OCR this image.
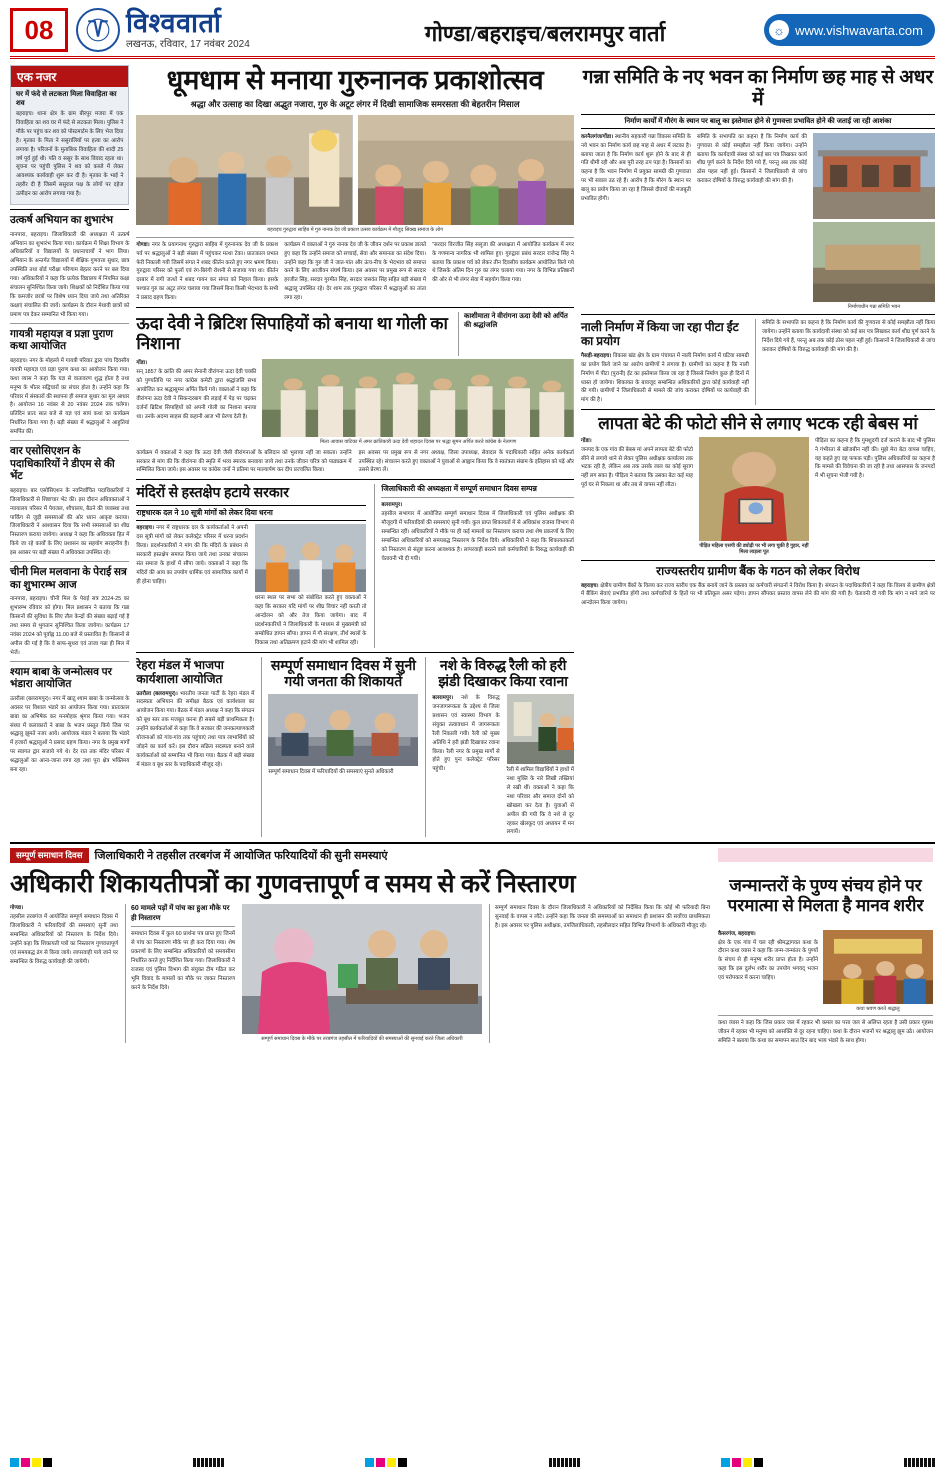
08	विश्ववार्ता
लखनऊ, रविवार, 17 नवंबर 2024	गोण्डा/बहराइच/बलरामपुर वार्ता	☼ www.vishwavarta.com
एक नजर
घर में फंदे से लटकता मिला विवाहिता का शव
बहराइच। थाना क्षेत्र के ग्राम बीरपुर मजरा में एक विवाहिता का शव घर में फंदे से लटकता मिला। पुलिस ने मौके पर पहुंच कर शव को पोस्टमार्टम के लिए भेज दिया है। मृतका के पिता ने ससुरालियों पर हत्या का आरोप लगाया है। परिजनों के मुताबिक विवाहिता की शादी 25 वर्ष पूर्व हुई थी। पति व ससुर के साथ विवाद रहता था। सूचना पर पहुंची पुलिस ने शव को कब्जे में लेकर आवश्यक कार्यवाही शुरू कर दी है। मृतका के भाई ने तहरीर दी है जिसमें ससुराल पक्ष के लोगों पर दहेज उत्पीड़न का आरोप लगाया गया है।
उत्कर्ष अभियान का शुभारंभ
नानपारा, बहराइच। जिलाधिकारी की अध्यक्षता में उत्कर्ष अभियान का शुभारंभ किया गया। कार्यक्रम में शिक्षा विभाग के अधिकारियों व विद्यालयों के प्रधानाचार्यों ने भाग लिया। अभियान के अन्तर्गत विद्यालयों में शैक्षिक गुणवत्ता सुधार, छात्र उपस्थिति तथा बोर्ड परीक्षा परिणाम बेहतर करने पर बल दिया गया। अधिकारियों ने कहा कि प्रत्येक विद्यालय में नियमित कक्षा संचालन सुनिश्चित किया जाये। शिक्षकों को निर्देशित किया गया कि कमजोर छात्रों पर विशेष ध्यान दिया जाये तथा अतिरिक्त कक्षाएं संचालित की जायें। कार्यक्रम के दौरान मेधावी छात्रों को प्रमाण पत्र देकर सम्मानित भी किया गया।
गायत्री महायज्ञ व प्रज्ञा पुराण कथा आयोजित
बहराइच। नगर के मोहल्ले में गायत्री परिवार द्वारा पांच दिवसीय गायत्री महायज्ञ एवं प्रज्ञा पुराण कथा का आयोजन किया गया। कथा व्यास ने कहा कि यज्ञ से वातावरण शुद्ध होता है तथा मनुष्य के भीतर सद्विचारों का संचार होता है। उन्होंने कहा कि परिवार में संस्कारों की स्थापना ही समाज सुधार का मूल आधार है। आयोजन 16 नवंबर से 20 नवंबर 2024 तक चलेगा। प्रतिदिन प्रातः सात बजे से यज्ञ एवं सायं कथा का कार्यक्रम निर्धारित किया गया है। बड़ी संख्या में श्रद्धालुओं ने आहुतियां समर्पित कीं।
वार एसोसिएशन के पदाधिकारियों ने डीएम से की भेंट
बहराइच। बार एसोसिएशन के नवनिर्वाचित पदाधिकारियों ने जिलाधिकारी से शिष्टाचार भेंट की। इस दौरान अधिवक्ताओं ने न्यायालय परिसर में पेयजल, शौचालय, बैठने की व्यवस्था तथा पार्किंग से जुड़ी समस्याओं की ओर ध्यान आकृष्ट कराया। जिलाधिकारी ने आश्वासन दिया कि सभी समस्याओं का शीघ्र निस्तारण कराया जायेगा। अध्यक्ष ने कहा कि अधिवक्ता हित में किये जा रहे कार्यों के लिए प्रशासन का सहयोग सराहनीय है। इस अवसर पर बड़ी संख्या में अधिवक्ता उपस्थित रहे।
चीनी मिल मलवाना के पेराई सत्र का शुभारम्भ आज
नानपारा, बहराइच। चीनी मिल के पेराई सत्र 2024-25 का शुभारम्भ रविवार को होगा। मिल प्रशासन ने बताया कि गन्ना किसानों की सुविधा के लिए तौल केन्द्रों की संख्या बढ़ाई गई है तथा समय से भुगतान सुनिश्चित किया जायेगा। कार्यक्रम 17 नवंबर 2024 को पूर्वाह्न 11.00 बजे से प्रस्तावित है। किसानों से अपील की गई है कि वे साफ-सुथरा एवं ताजा गन्ना ही मिल में भेजें।
श्याम बाबा के जन्मोत्सव पर भंडारा आयोजित
उतरौला (बलरामपुर)। नगर में खाटू श्याम बाबा के जन्मोत्सव के अवसर पर विशाल भंडारे का आयोजन किया गया। प्रातःकाल बाबा का अभिषेक कर मनमोहक श्रृंगार किया गया। भजन संध्या में कलाकारों ने बाबा के भजन प्रस्तुत किये जिस पर श्रद्धालु झूमते नजर आये। आयोजक मंडल ने बताया कि भंडारे में हजारों श्रद्धालुओं ने प्रसाद ग्रहण किया। नगर के प्रमुख मार्गों पर स्वागत द्वार सजाये गये थे। देर रात तक मंदिर परिसर में श्रद्धालुओं का आना-जाना लगा रहा तथा पूरा क्षेत्र भक्तिमय बना रहा।
धूमधाम से मनाया गुरुनानक प्रकाशोत्सव
श्रद्धा और उत्साह का दिखा अद्भुत नजारा, गुरु के अटूट लंगर में दिखी सामाजिक समरसता की बेहतरीन मिसाल
बहराइच गुरुद्वारा साहिब में गुरु नानक देव जी प्रकाश उत्सव कार्यक्रम में मौजूद सिक्ख समाज के लोग
गोण्डा। नगर के प्रयागनाथ गुरुद्वारा साहिब में गुरुनानक देव जी के प्रकाश पर्व पर श्रद्धालुओं ने बड़ी संख्या में पहुंचकर मत्था टेका। प्रातःकाल प्रभात फेरी निकाली गयी जिसमें संगत ने शबद कीर्तन करते हुए नगर भ्रमण किया। गुरुद्वारा परिसर को फूलों एवं रंग-बिरंगी रोशनी से सजाया गया था। कीर्तन दरबार में रागी जत्थों ने शबद गायन कर संगत को निहाल किया। इसके पश्चात गुरु का अटूट लंगर चलाया गया जिसमें बिना किसी भेदभाव के सभी ने प्रसाद ग्रहण किया।
कार्यक्रम में वक्ताओं ने गुरु नानक देव जी के जीवन दर्शन पर प्रकाश डालते हुए कहा कि उन्होंने समाज को सच्चाई, सेवा और समानता का संदेश दिया। उन्होंने कहा कि गुरु जी ने जात-पांत और ऊंच-नीच के भेदभाव को समाप्त करने के लिए आजीवन संघर्ष किया। इस अवसर पर प्रमुख रूप से सरदार हरजीत सिंह, सरदार गुरमीत सिंह, सरदार जसवंत सिंह सहित बड़ी संख्या में श्रद्धालु उपस्थित रहे। देर शाम तक गुरुद्वारा परिसर में श्रद्धालुओं का तांता लगा रहा।
"सरदार विरजीत सिंह सलूजा की अध्यक्षता में आयोजित कार्यक्रम में नगर के गणमान्य नागरिक भी शामिल हुए। गुरुद्वारा प्रबंध सरदार राजेन्द्र सिंह ने बताया कि प्रकाश पर्व को लेकर तीन दिवसीय कार्यक्रम आयोजित किये गये थे जिसके अंतिम दिन गुरु का लंगर चलाया गया। नगर के विभिन्न प्रतिष्ठानों की ओर से भी लंगर सेवा में सहयोग किया गया।
ऊदा देवी ने ब्रिटिश सिपाहियों को बनाया था गोली का निशाना
काशीमाता ने वीरांगना ऊदा देवी को अर्पित की श्रद्धांजलि
गोंडा।
सन् 1857 के क्रांति की अमर सेनानी वीरांगना ऊदा देवी चक्की को पुण्यतिथि पर नगर कांग्रेस कमेटी द्वारा श्रद्धांजलि सभा आयोजित कर श्रद्धासुमन अर्पित किये गये। वक्ताओं ने कहा कि वीरांगना ऊदा देवी ने सिकन्दरबाग की लड़ाई में पेड़ पर चढ़कर दर्जनों ब्रिटिश सिपाहियों को अपनी गोली का निशाना बनाया था। उनके अदम्य साहस की कहानी आज भी प्रेरणा देती है।
मिला आवास वाटिका में अमर क्रांतिकारी ऊदा देवी शहादत दिवस पर श्रद्धा सुमन अर्पित करते कांग्रेस के नेतागण
कार्यक्रम में वक्ताओं ने कहा कि ऊदा देवी जैसी वीरांगनाओं के बलिदान को भुलाया नहीं जा सकता। उन्होंने सरकार से मांग की कि वीरांगना की स्मृति में भव्य स्मारक बनवाया जाये तथा उनके जीवन चरित्र को पाठ्यक्रम में सम्मिलित किया जाये। इस अवसर पर कांग्रेस जनों ने प्रतिमा पर माल्यार्पण कर दीप प्रज्वलित किया।
इस अवसर पर प्रमुख रूप से नगर अध्यक्ष, जिला उपाध्यक्ष, सेवादल के पदाधिकारी सहित अनेक कार्यकर्ता उपस्थित रहे। संचालन करते हुए वक्ताओं ने युवाओं से आह्वान किया कि वे स्वतंत्रता संग्राम के इतिहास को पढ़ें और उससे प्रेरणा लें।
मंदिरों से हस्तक्षेप हटाये सरकार
राष्ट्रधारक दल ने 10 सूत्री मांगों को लेकर दिया धरना
बहराइच। नगर में राष्ट्रधारक दल के कार्यकर्ताओं ने अपनी दस सूत्री मांगों को लेकर कलेक्ट्रेट परिसर में धरना प्रदर्शन किया। प्रदर्शनकारियों ने मांग की कि मंदिरों के प्रबंधन से सरकारी हस्तक्षेप समाप्त किया जाये तथा उनका संचालन संत समाज के हाथों में सौंपा जाये। वक्ताओं ने कहा कि मंदिरों की आय का उपयोग धार्मिक एवं सामाजिक कार्यों में ही होना चाहिए।
धरना स्थल पर सभा को संबोधित करते हुए वक्ताओं ने कहा कि सरकार यदि मांगों पर शीघ्र विचार नहीं करती तो आन्दोलन को और तेज किया जायेगा। बाद में प्रदर्शनकारियों ने जिलाधिकारी के माध्यम से मुख्यमंत्री को सम्बोधित ज्ञापन सौंपा। ज्ञापन में गौ संरक्षण, तीर्थ स्थलों के विकास तथा अतिक्रमण हटाने की मांग भी शामिल रही।
जिलाधिकारी की अध्यक्षता में सम्पूर्ण समाधान दिवस सम्पन्न
बलरामपुर।
तहसील सभागार में आयोजित सम्पूर्ण समाधान दिवस में जिलाधिकारी एवं पुलिस अधीक्षक की मौजूदगी में फरियादियों की समस्याएं सुनी गयीं। कुल प्राप्त शिकायतों में से अधिकांश राजस्व विभाग से सम्बन्धित रहीं। अधिकारियों ने मौके पर ही कई मामलों का निस्तारण कराया तथा शेष प्रकरणों के लिए सम्बन्धित अधिकारियों को समयबद्ध निस्तारण के निर्देश दिये। अधिकारियों ने कहा कि शिकायतकर्ता को निस्तारण से संतुष्ट करना आवश्यक है। लापरवाही बरतने वाले कर्मचारियों के विरुद्ध कार्यवाही की चेतावनी भी दी गयी।
रेहरा मंडल में भाजपा कार्यशाला आयोजित
उतरौला (बलरामपुर)। भारतीय जनता पार्टी के रेहरा मंडल में सदस्यता अभियान की समीक्षा बैठक एवं कार्यशाला का आयोजन किया गया। बैठक में मंडल अध्यक्ष ने कहा कि संगठन को बूथ स्तर तक मजबूत करना ही सबसे बड़ी प्राथमिकता है। उन्होंने कार्यकर्ताओं से कहा कि वे सरकार की जनकल्याणकारी योजनाओं को गांव-गांव तक पहुंचाएं तथा पात्र लाभार्थियों को जोड़ने का कार्य करें। इस दौरान सक्रिय सदस्यता बनाने वाले कार्यकर्ताओं को सम्मानित भी किया गया। बैठक में बड़ी संख्या में मंडल व बूथ स्तर के पदाधिकारी मौजूद रहे।
सम्पूर्ण समाधान दिवस में सुनी गयी जनता की शिकायतें
सम्पूर्ण समाधान दिवस में फरियादियों की समस्याएं सुनते अधिकारी
नशे के विरुद्ध रैली को हरी झंडी दिखाकर किया रवाना
बलरामपुर। नशे के विरुद्ध जनजागरूकता के उद्देश्य से जिला प्रशासन एवं स्वास्थ्य विभाग के संयुक्त तत्वावधान में जागरूकता रैली निकाली गयी। रैली को मुख्य अतिथि ने हरी झंडी दिखाकर रवाना किया। रैली नगर के प्रमुख मार्गों से होते हुए पुनः कलेक्ट्रेट परिसर पहुंची।	रैली में शामिल विद्यार्थियों ने हाथों में नशा मुक्ति के नारे लिखी तख्तियां ले रखी थीं। वक्ताओं ने कहा कि नशा परिवार और समाज दोनों को खोखला कर देता है। युवाओं से अपील की गयी कि वे नशे से दूर रहकर खेलकूद एवं अध्ययन में मन लगायें।
गन्ना समिति के नए भवन का निर्माण छह माह से अधर में
निर्माण कार्यों में मौरंग के स्थान पर बालू का इस्तेमाल होने से गुणवत्ता प्रभावित होने की जताई जा रही आशंका
करनैलगंज/गोंडा। स्थानीय सहकारी गन्ना विकास समिति के नये भवन का निर्माण कार्य छह माह से अधर में लटका है। बताया जाता है कि निर्माण कार्य शुरू होने के बाद से ही गति धीमी रही और अब पूरी तरह ठप पड़ा है। किसानों का कहना है कि भवन निर्माण में प्रयुक्त सामग्री की गुणवत्ता पर भी सवाल उठ रहे हैं। आरोप है कि मौरंग के स्थान पर बालू का प्रयोग किया जा रहा है जिससे दीवारों की मजबूती प्रभावित होगी।
समिति के सभापति का कहना है कि निर्माण कार्य की गुणवत्ता से कोई समझौता नहीं किया जायेगा। उन्होंने बताया कि कार्यदायी संस्था को कई बार पत्र लिखकर कार्य शीघ्र पूर्ण करने के निर्देश दिये गये हैं, परन्तु अब तक कोई ठोस पहल नहीं हुई। किसानों ने जिलाधिकारी से जांच कराकर दोषियों के विरुद्ध कार्यवाही की मांग की है।
निर्माणाधीन गन्ना समिति भवन
नाली निर्माण में किया जा रहा पीटा ईंट का प्रयोग
गैसड़ी-बहराइच। विकास खंड क्षेत्र के ग्राम पंचायत में नाली निर्माण कार्य में घटिया सामग्री का प्रयोग किये जाने का आरोप ग्रामीणों ने लगाया है। ग्रामीणों का कहना है कि नाली निर्माण में पीटा (पुरानी) ईंट का इस्तेमाल किया जा रहा है जिससे निर्माण कुछ ही दिनों में ध्वस्त हो जायेगा। शिकायत के बावजूद सम्बन्धित अधिकारियों द्वारा कोई कार्यवाही नहीं की गयी। ग्रामीणों ने जिलाधिकारी से मामले की जांच कराकर दोषियों पर कार्यवाही की मांग की है।
समिति के सभापति का कहना है कि निर्माण कार्य की गुणवत्ता से कोई समझौता नहीं किया जायेगा। उन्होंने बताया कि कार्यदायी संस्था को कई बार पत्र लिखकर कार्य शीघ्र पूर्ण करने के निर्देश दिये गये हैं, परन्तु अब तक कोई ठोस पहल नहीं हुई। किसानों ने जिलाधिकारी से जांच कराकर दोषियों के विरुद्ध कार्यवाही की मांग की है।
लापता बेटे की फोटो सीने से लगाए भटक रही बेबस मां
गोंडा।
जनपद के एक गांव की बेबस मां अपने लापता बेटे की फोटो सीने से लगाये थाने से लेकर पुलिस अधीक्षक कार्यालय तक भटक रही है, लेकिन अब तक उसके लाल का कोई सुराग नहीं लग सका है। पीड़िता ने बताया कि उसका बेटा कई माह पूर्व घर से निकला था और तब से वापस नहीं लौटा।
पीड़ित महिला एसपी की ड्योढ़ी पर भी लगा चुकी है गुहार, नहीं मिला लाड़ला पूत
पीड़िता का कहना है कि गुमशुदगी दर्ज कराने के बाद भी पुलिस ने गंभीरता से खोजबीन नहीं की। मुझे मेरा बेटा वापस चाहिए, यह कहते हुए वह फफक पड़ी। पुलिस अधिकारियों का कहना है कि मामले की विवेचना की जा रही है तथा आसपास के जनपदों में भी सूचना भेजी गयी है।
राज्यस्तरीय ग्रामीण बैंक के गठन को लेकर विरोध
बहराइच। क्षेत्रीय ग्रामीण बैंकों के विलय कर राज्य स्तरीय एक बैंक बनाये जाने के प्रस्ताव का कर्मचारी संगठनों ने विरोध किया है। संगठन के पदाधिकारियों ने कहा कि विलय से ग्रामीण क्षेत्रों में बैंकिंग सेवाएं प्रभावित होंगी तथा कर्मचारियों के हितों पर भी प्रतिकूल असर पड़ेगा। ज्ञापन सौंपकर प्रस्ताव वापस लेने की मांग की गयी है। चेतावनी दी गयी कि मांग न माने जाने पर आन्दोलन किया जायेगा।
सम्पूर्ण समाधान दिवस	जिलाधिकारी ने तहसील तरबगंज में आयोजित फरियादियों की सुनी समस्याएं
अधिकारी शिकायतीपत्रों का गुणवत्तापूर्ण व समय से करें निस्तारण
गोण्डा।
तहसील तरबगंज में आयोजित सम्पूर्ण समाधान दिवस में जिलाधिकारी ने फरियादियों की समस्याएं सुनीं तथा सम्बन्धित अधिकारियों को निस्तारण के निर्देश दिये। उन्होंने कहा कि शिकायती पत्रों का निस्तारण गुणवत्तापूर्ण एवं समयबद्ध ढंग से किया जाये। लापरवाही पाये जाने पर सम्बन्धित के विरुद्ध कार्यवाही की जायेगी।
60 मामले पड़ों में पांच का हुआ मौके पर ही निस्तारण
समाधान दिवस में कुल 60 प्रार्थना पत्र प्राप्त हुए जिनमें से पांच का निस्तारण मौके पर ही करा दिया गया। शेष प्रकरणों के लिए सम्बन्धित अधिकारियों को समयसीमा निर्धारित करते हुए निर्देशित किया गया। जिलाधिकारी ने राजस्व एवं पुलिस विभाग की संयुक्त टीम गठित कर भूमि विवाद के मामलों का मौके पर जाकर निस्तारण करने के निर्देश दिये।
सम्पूर्ण समाधान दिवस के मौके पर तरबगंज तहसील में फरियादियों की समस्याओं की सुनवाई करते जिला अधिकारी
सम्पूर्ण समाधान दिवस के दौरान जिलाधिकारी ने अधिकारियों को निर्देशित किया कि कोई भी फरियादी बिना सुनवाई के वापस न लौटे। उन्होंने कहा कि जनता की समस्याओं का समाधान ही प्रशासन की सर्वोच्च प्राथमिकता है। इस अवसर पर पुलिस अधीक्षक, उपजिलाधिकारी, तहसीलदार सहित विभिन्न विभागों के अधिकारी मौजूद रहे।
जन्मान्तरों के पुण्य संचय होने पर परमात्मा से मिलता है मानव शरीर
कैसरगंज, बहराइच।
क्षेत्र के एक गांव में चल रही श्रीमद्भागवत कथा के दौरान कथा व्यास ने कहा कि जन्म-जन्मांतर के पुण्यों के संचय से ही मनुष्य शरीर प्राप्त होता है। उन्होंने कहा कि इस दुर्लभ शरीर का उपयोग भगवद् भजन एवं परोपकार में करना चाहिए।
कथा श्रवण करते श्रद्धालु
कथा व्यास ने कहा कि जिस प्रकार जल में रहकर भी कमल का पत्ता जल से अलिप्त रहता है उसी प्रकार गृहस्थ जीवन में रहकर भी मनुष्य को आसक्ति से दूर रहना चाहिए। कथा के दौरान भजनों पर श्रद्धालु झूम उठे। आयोजन समिति ने बताया कि कथा का समापन सात दिन बाद भव्य भंडारे के साथ होगा।
